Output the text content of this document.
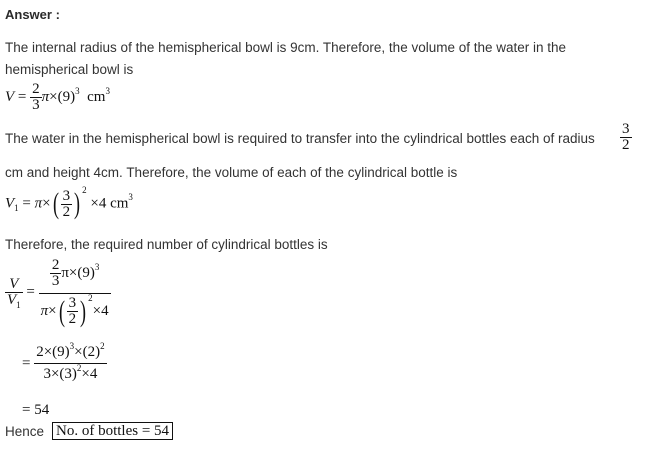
Answer :
The internal radius of the hemispherical bowl is 9cm. Therefore, the volume of the water in the
hemispherical bowl is
$V = \frac{2}{3} \pi\times(9)^3$ $cm^3$
The water in the hemispherical bowl is required to transfer into the cylindrical bottles each of radius $\frac{3}{2}$
cm and height 4cm. Therefore, the volume of each of the cylindrical bottle is
$V_1 = \pi\times( \frac{3}{2}$ ) $^2$ ×4 $cm^3$
Therefore, the required number of cylindrical bottles is
$\frac{V}{V_1} = \frac{\frac{2}{3} \pi\times(9)^3}{\pi\times( \frac{3}{2} ) ^2\times 4}$
= $\frac{2\times(9)^3\times(2)^2}{3\times(3)^2\times 4}$
= 54
Hence No. of bottles = 54
